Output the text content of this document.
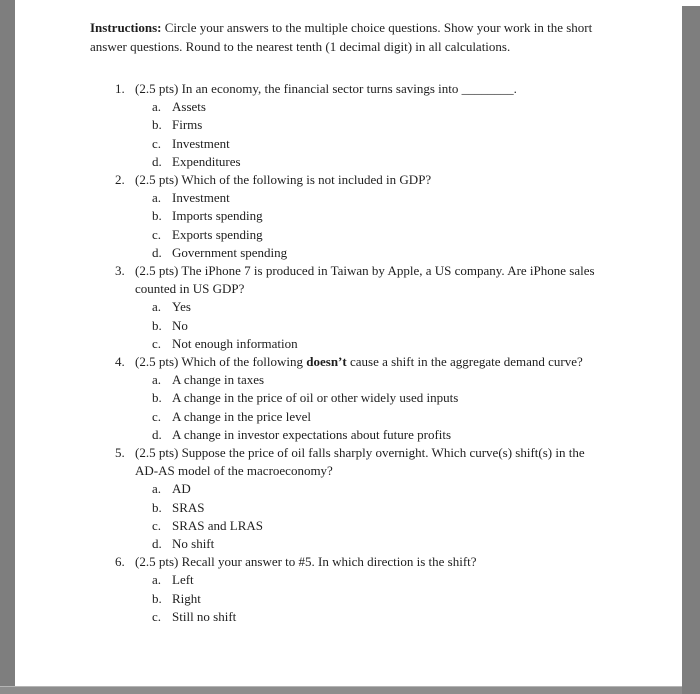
Instructions: Circle your answers to the multiple choice questions. Show your work in the short answer questions. Round to the nearest tenth (1 decimal digit) in all calculations.

1. (2.5 pts) In an economy, the financial sector turns savings into ________.
a. Assets
b. Firms
c. Investment
d. Expenditures
2. (2.5 pts) Which of the following is not included in GDP?
a. Investment
b. Imports spending
c. Exports spending
d. Government spending
3. (2.5 pts) The iPhone 7 is produced in Taiwan by Apple, a US company. Are iPhone sales counted in US GDP?
a. Yes
b. No
c. Not enough information
4. (2.5 pts) Which of the following doesn’t cause a shift in the aggregate demand curve?
a. A change in taxes
b. A change in the price of oil or other widely used inputs
c. A change in the price level
d. A change in investor expectations about future profits
5. (2.5 pts) Suppose the price of oil falls sharply overnight. Which curve(s) shift(s) in the AD-AS model of the macroeconomy?
a. AD
b. SRAS
c. SRAS and LRAS
d. No shift
6. (2.5 pts) Recall your answer to #5. In which direction is the shift?
a. Left
b. Right
c. Still no shift
